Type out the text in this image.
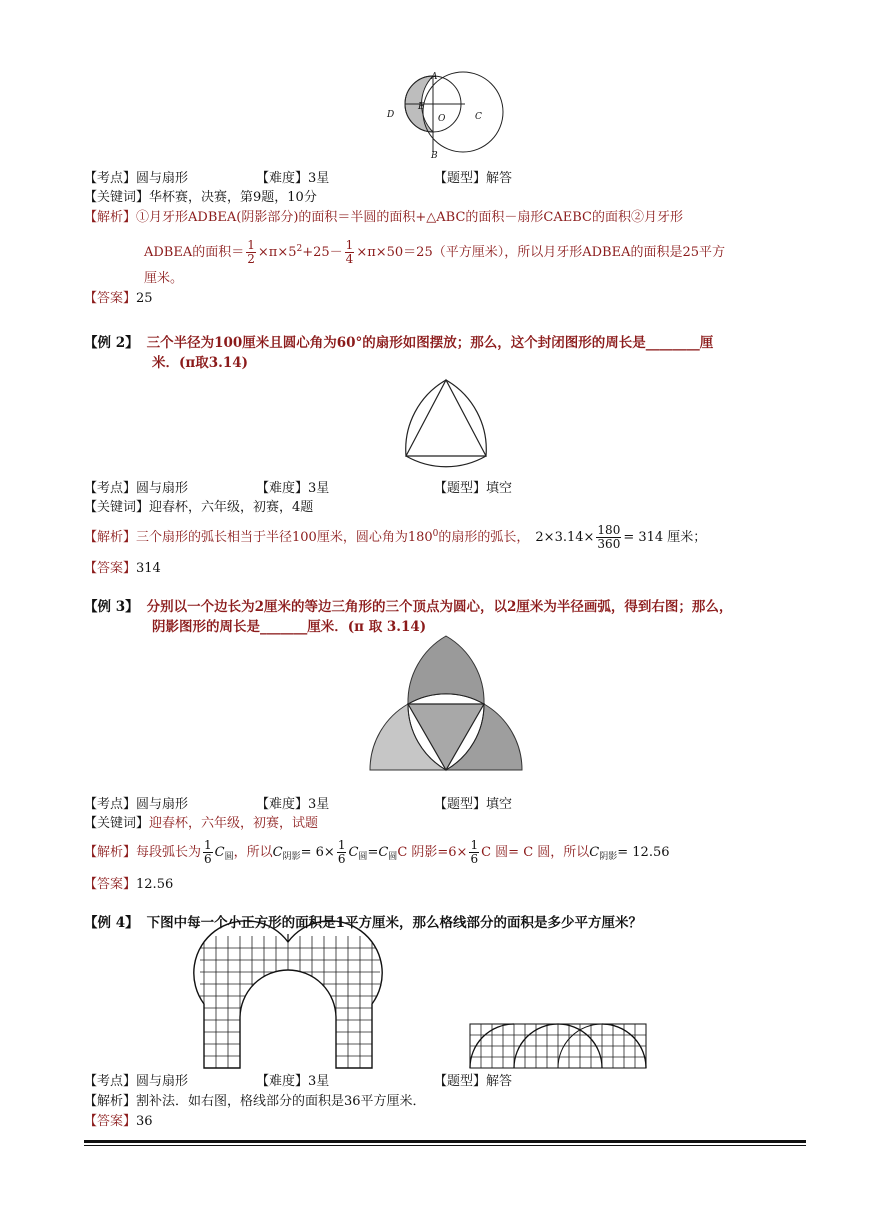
A
E
D	O	C
B
【考点】圆与扇形	【难度】3星	【题型】解答
【关键词】华杯赛，决赛，第9题，10分
【解析】①月牙形ADBEA(阴影部分)的面积＝半圆的面积+△ABC的面积－扇形CAEBC的面积②月牙形
ADBEA的面积＝ $\frac{1}{2} \times\pi\times 5^2+25- \frac{1}{4} \times\pi\times 50=25$（平方厘米），所以月牙形ADBEA的面积是25平方
厘米。
【答案】25
【例 2】 三个半径为100厘米且圆心角为60°的扇形如图摆放；那么，这个封闭图形的周长是________厘
米．(π取3.14)
【考点】圆与扇形	【难度】3星	【题型】填空
【关键词】迎春杯，六年级，初赛，4题
【解析】三个扇形的弧长相当于半径100厘米，圆心角为$180^0$的扇形的弧长， $2\times 3.14\times \frac{180}{360} = 314$ 厘米；
【答案】314
【例 3】 分别以一个边长为2厘米的等边三角形的三个顶点为圆心，以2厘米为半径画弧，得到右图；那么，
阴影图形的周长是_______厘米．(π 取 3.14)
【考点】圆与扇形	【难度】3星	【题型】填空
【关键词】迎春杯，六年级，初赛，试题
【解析】每段弧长为 $\frac{1}{6} C_圆$，所以$C_{阴影}= 6\times \frac{1}{6} C_圆=C_圆C$ 阴影$=6\times \frac{1}{6}$ C 圆= C 圆，所以$C_{阴影}= 12.56$
【答案】12.56
【例 4】 下图中每一个小正方形的面积是1平方厘米，那么格线部分的面积是多少平方厘米？
【考点】圆与扇形	【难度】3星	【题型】解答
【解析】割补法．如右图，格线部分的面积是36平方厘米．
【答案】36
